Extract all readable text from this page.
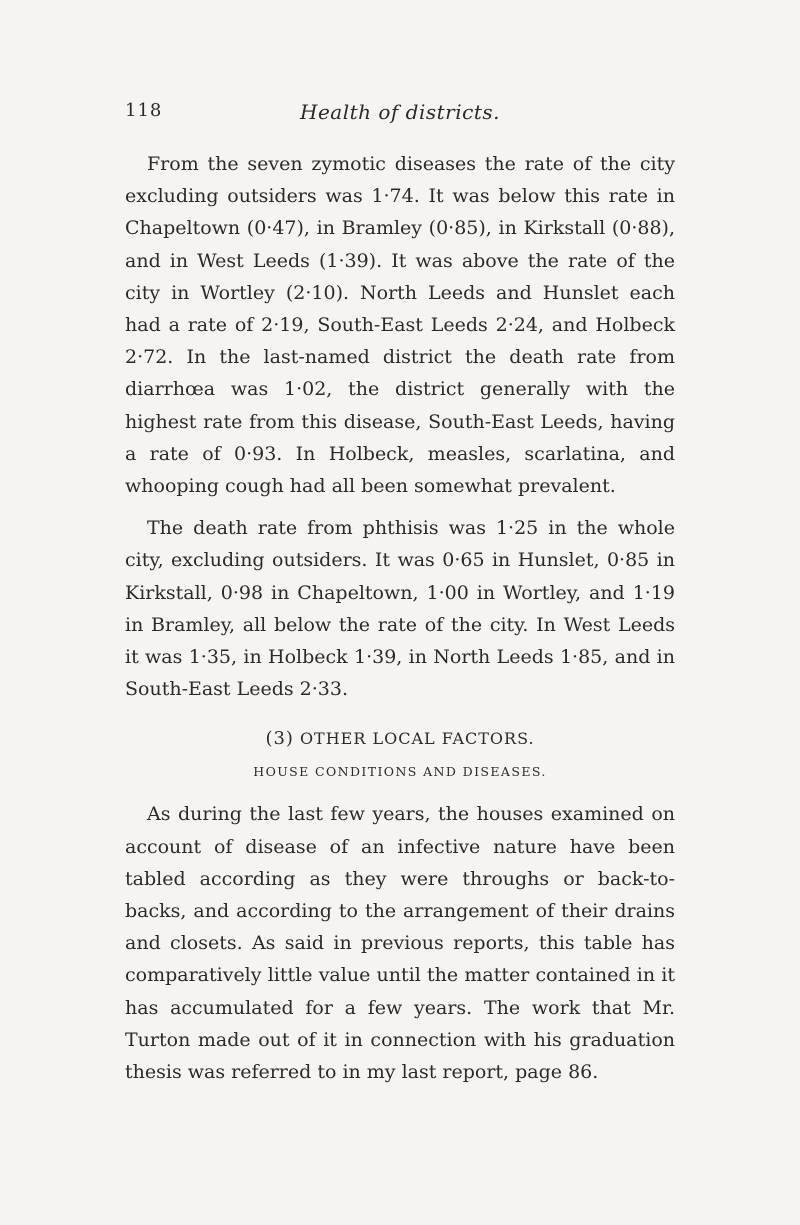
118	Health of districts.

From the seven zymotic diseases the rate of the city excluding outsiders was 1·74. It was below this rate in Chapeltown (0·47), in Bramley (0·85), in Kirkstall (0·88), and in West Leeds (1·39). It was above the rate of the city in Wortley (2·10). North Leeds and Hunslet each had a rate of 2·19, South-East Leeds 2·24, and Holbeck 2·72. In the last-named district the death rate from diarrhœa was 1·02, the district generally with the highest rate from this disease, South-East Leeds, having a rate of 0·93. In Holbeck, measles, scarlatina, and whooping cough had all been somewhat prevalent.

The death rate from phthisis was 1·25 in the whole city, excluding outsiders. It was 0·65 in Hunslet, 0·85 in Kirkstall, 0·98 in Chapeltown, 1·00 in Wortley, and 1·19 in Bramley, all below the rate of the city. In West Leeds it was 1·35, in Holbeck 1·39, in North Leeds 1·85, and in South-East Leeds 2·33.

(3) OTHER LOCAL FACTORS.
HOUSE CONDITIONS AND DISEASES.

As during the last few years, the houses examined on account of disease of an infective nature have been tabled according as they were throughs or back-to-backs, and according to the arrangement of their drains and closets. As said in previous reports, this table has comparatively little value until the matter contained in it has accumulated for a few years. The work that Mr. Turton made out of it in connection with his graduation thesis was referred to in my last report, page 86.
